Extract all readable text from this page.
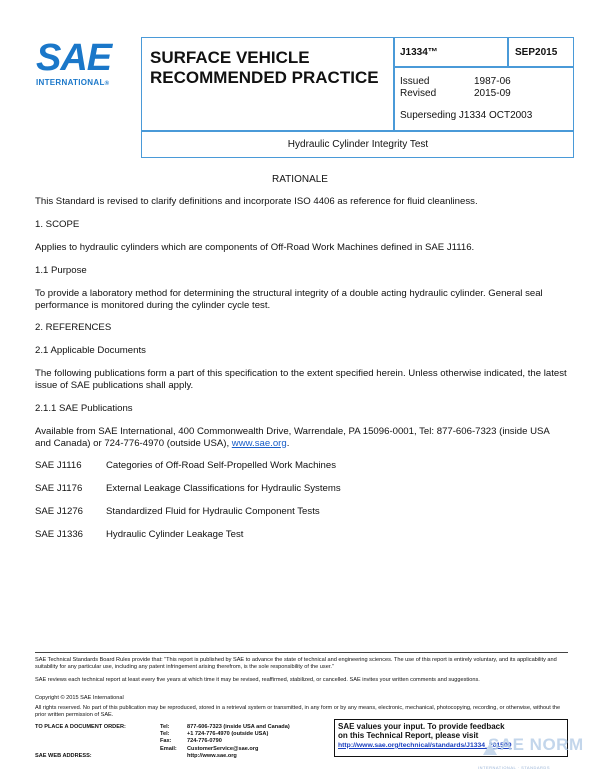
SAE
INTERNATIONAL®
SURFACE VEHICLE
RECOMMENDED PRACTICE
J1334™	SEP2015
Issued	1987-06
Revised	2015-09
Superseding J1334 OCT2003
Hydraulic Cylinder Integrity Test
RATIONALE
This Standard is revised to clarify definitions and incorporate ISO 4406 as reference for fluid cleanliness.
1. SCOPE
Applies to hydraulic cylinders which are components of Off-Road Work Machines defined in SAE J1116.
1.1 Purpose
To provide a laboratory method for determining the structural integrity of a double acting hydraulic cylinder. General seal performance is monitored during the cylinder cycle test.
2. REFERENCES
2.1 Applicable Documents
The following publications form a part of this specification to the extent specified herein. Unless otherwise indicated, the latest issue of SAE publications shall apply.
2.1.1 SAE Publications
Available from SAE International, 400 Commonwealth Drive, Warrendale, PA 15096-0001, Tel: 877-606-7323 (inside USA and Canada) or 724-776-4970 (outside USA), www.sae.org.
SAE J1116	Categories of Off-Road Self-Propelled Work Machines
SAE J1176	External Leakage Classifications for Hydraulic Systems
SAE J1276	Standardized Fluid for Hydraulic Component Tests
SAE J1336	Hydraulic Cylinder Leakage Test
SAE Technical Standards Board Rules provide that: “This report is published by SAE to advance the state of technical and engineering sciences. The use of this report is entirely voluntary, and its applicability and suitability for any particular use, including any patent infringement arising therefrom, is the sole responsibility of the user.”
SAE reviews each technical report at least every five years at which time it may be revised, reaffirmed, stabilized, or cancelled. SAE invites your written comments and suggestions.
Copyright © 2015 SAE International
All rights reserved. No part of this publication may be reproduced, stored in a retrieval system or transmitted, in any form or by any means, electronic, mechanical, photocopying, recording, or otherwise, without the prior written permission of SAE.
TO PLACE A DOCUMENT ORDER:	Tel:	877-606-7323 (inside USA and Canada)
Tel:	+1 724-776-4970 (outside USA)
Fax:	724-776-0790
Email:	CustomerService@sae.org
SAE WEB ADDRESS:	http://www.sae.org
SAE values your input. To provide feedback
on this Technical Report, please visit
http://www.sae.org/technical/standards/J1334_201509
SAE NORM
INTERNATIONAL · STANDARDS
